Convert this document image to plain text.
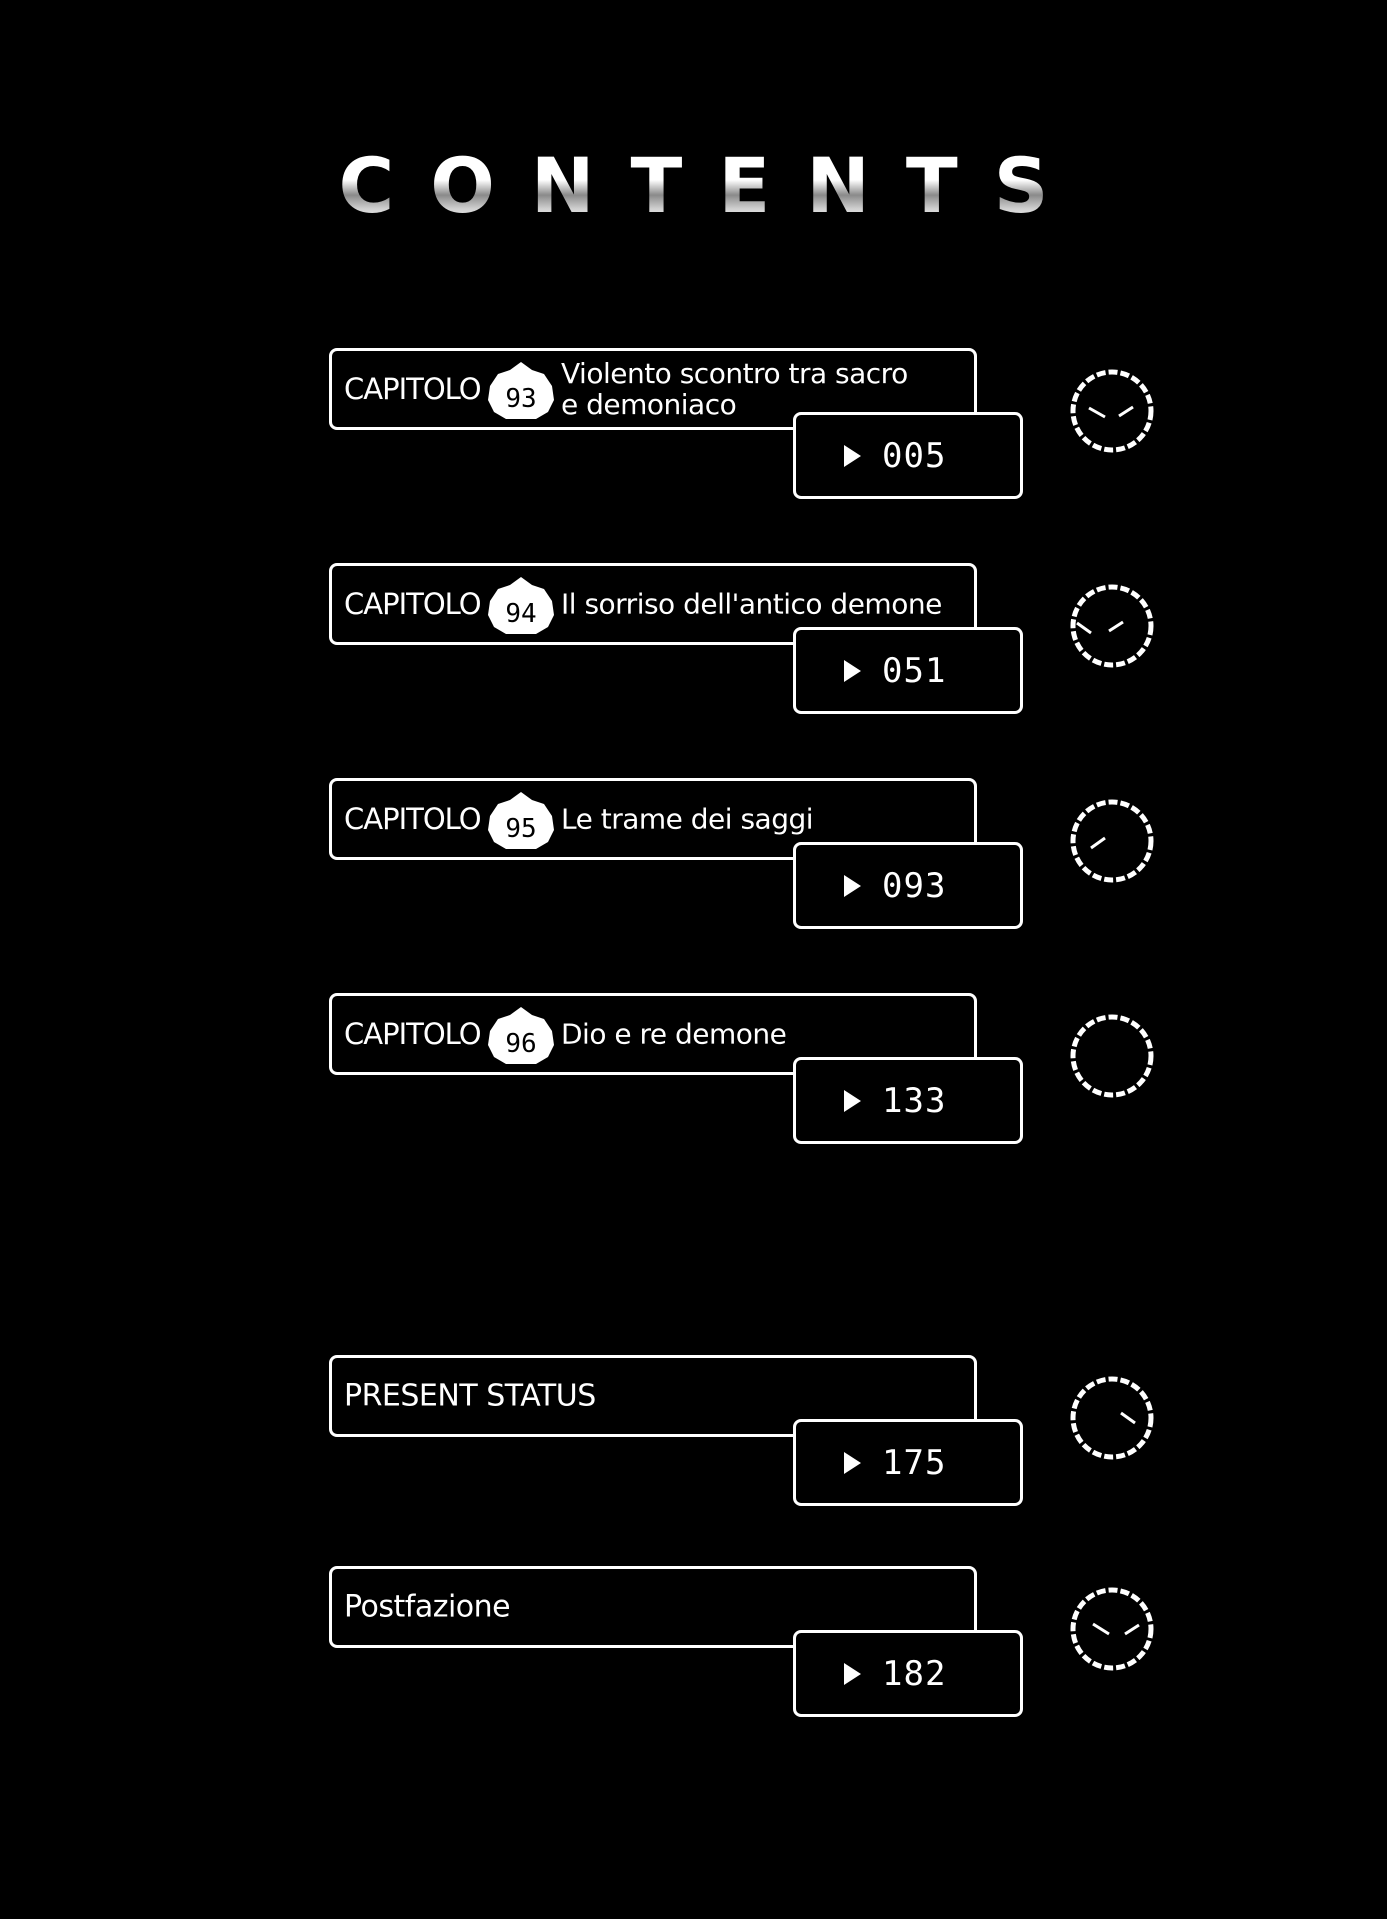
CONTENTS
CAPITOLO 93
Violento scontro tra sacro
e demoniaco
005
CAPITOLO 94 Il sorriso dell'antico demone
051
CAPITOLO 95 Le trame dei saggi
093
CAPITOLO 96 Dio e re demone
133
PRESENT STATUS
175
Postfazione
182
